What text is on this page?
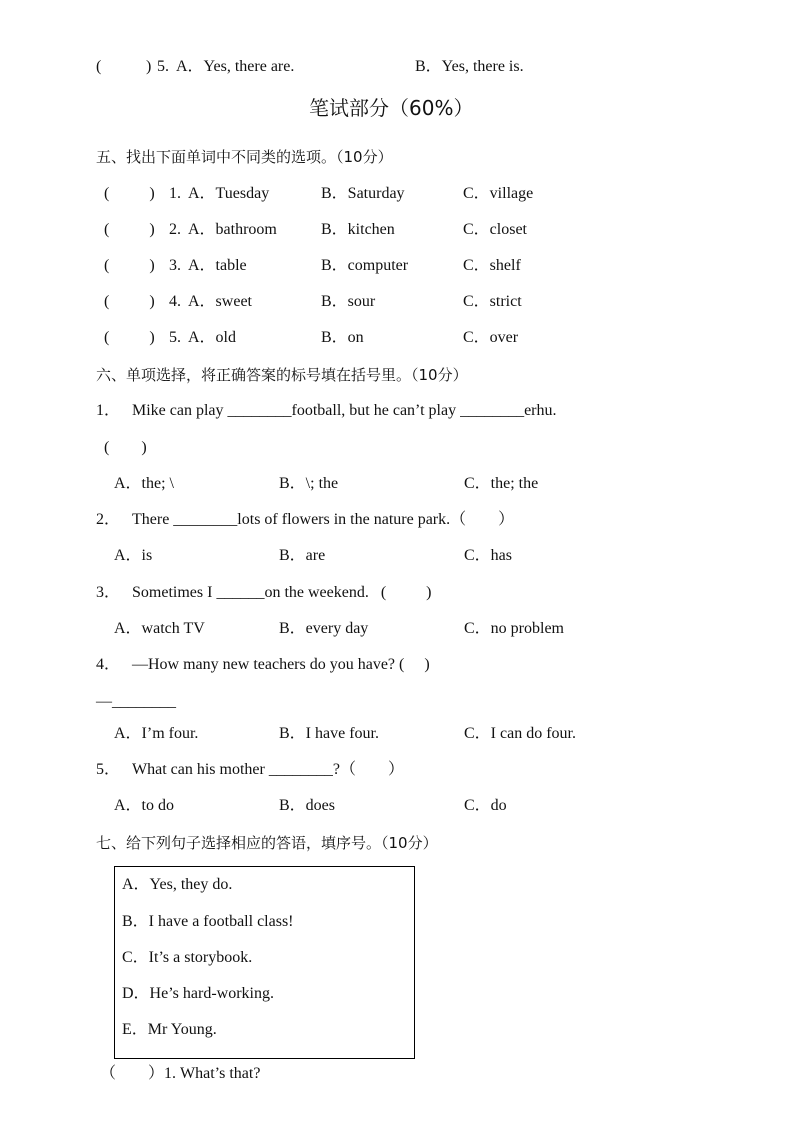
(	) 5. A．Yes, there are.	B．Yes, there is.
笔试部分（60%）
五、找出下面单词中不同类的选项。（10分）
(          ) 1. A．Tuesday	B．Saturday	C．village
(          ) 2. A．bathroom	B．kitchen	C．closet
(          ) 3. A．table	B．computer	C．shelf
(          ) 4. A．sweet	B．sour	C．strict
(          ) 5. A．old	B．on	C．over
六、单项选择，将正确答案的标号填在括号里。（10分）
1． Mike can play ________football, but he can’t play ________erhu.
(        )
A．the; \	B．\; the	C．the; the
2． There ________lots of flowers in the nature park.（        ）
A．is	B．are	C．has
3． Sometimes I ______on the weekend.   (          )
A．watch TV	B．every day	C．no problem
4． —How many new teachers do you have? (     )
—________
A．I’m four.	B．I have four.	C．I can do four.
5． What can his mother ________?（        ）
A．to do	B．does	C．do
七、给下列句子选择相应的答语，填序号。（10分）
A．Yes, they do.
B．I have a football class!
C．It’s a storybook.
D．He’s hard-working.
E．Mr Young.
（        ）1. What’s that?
